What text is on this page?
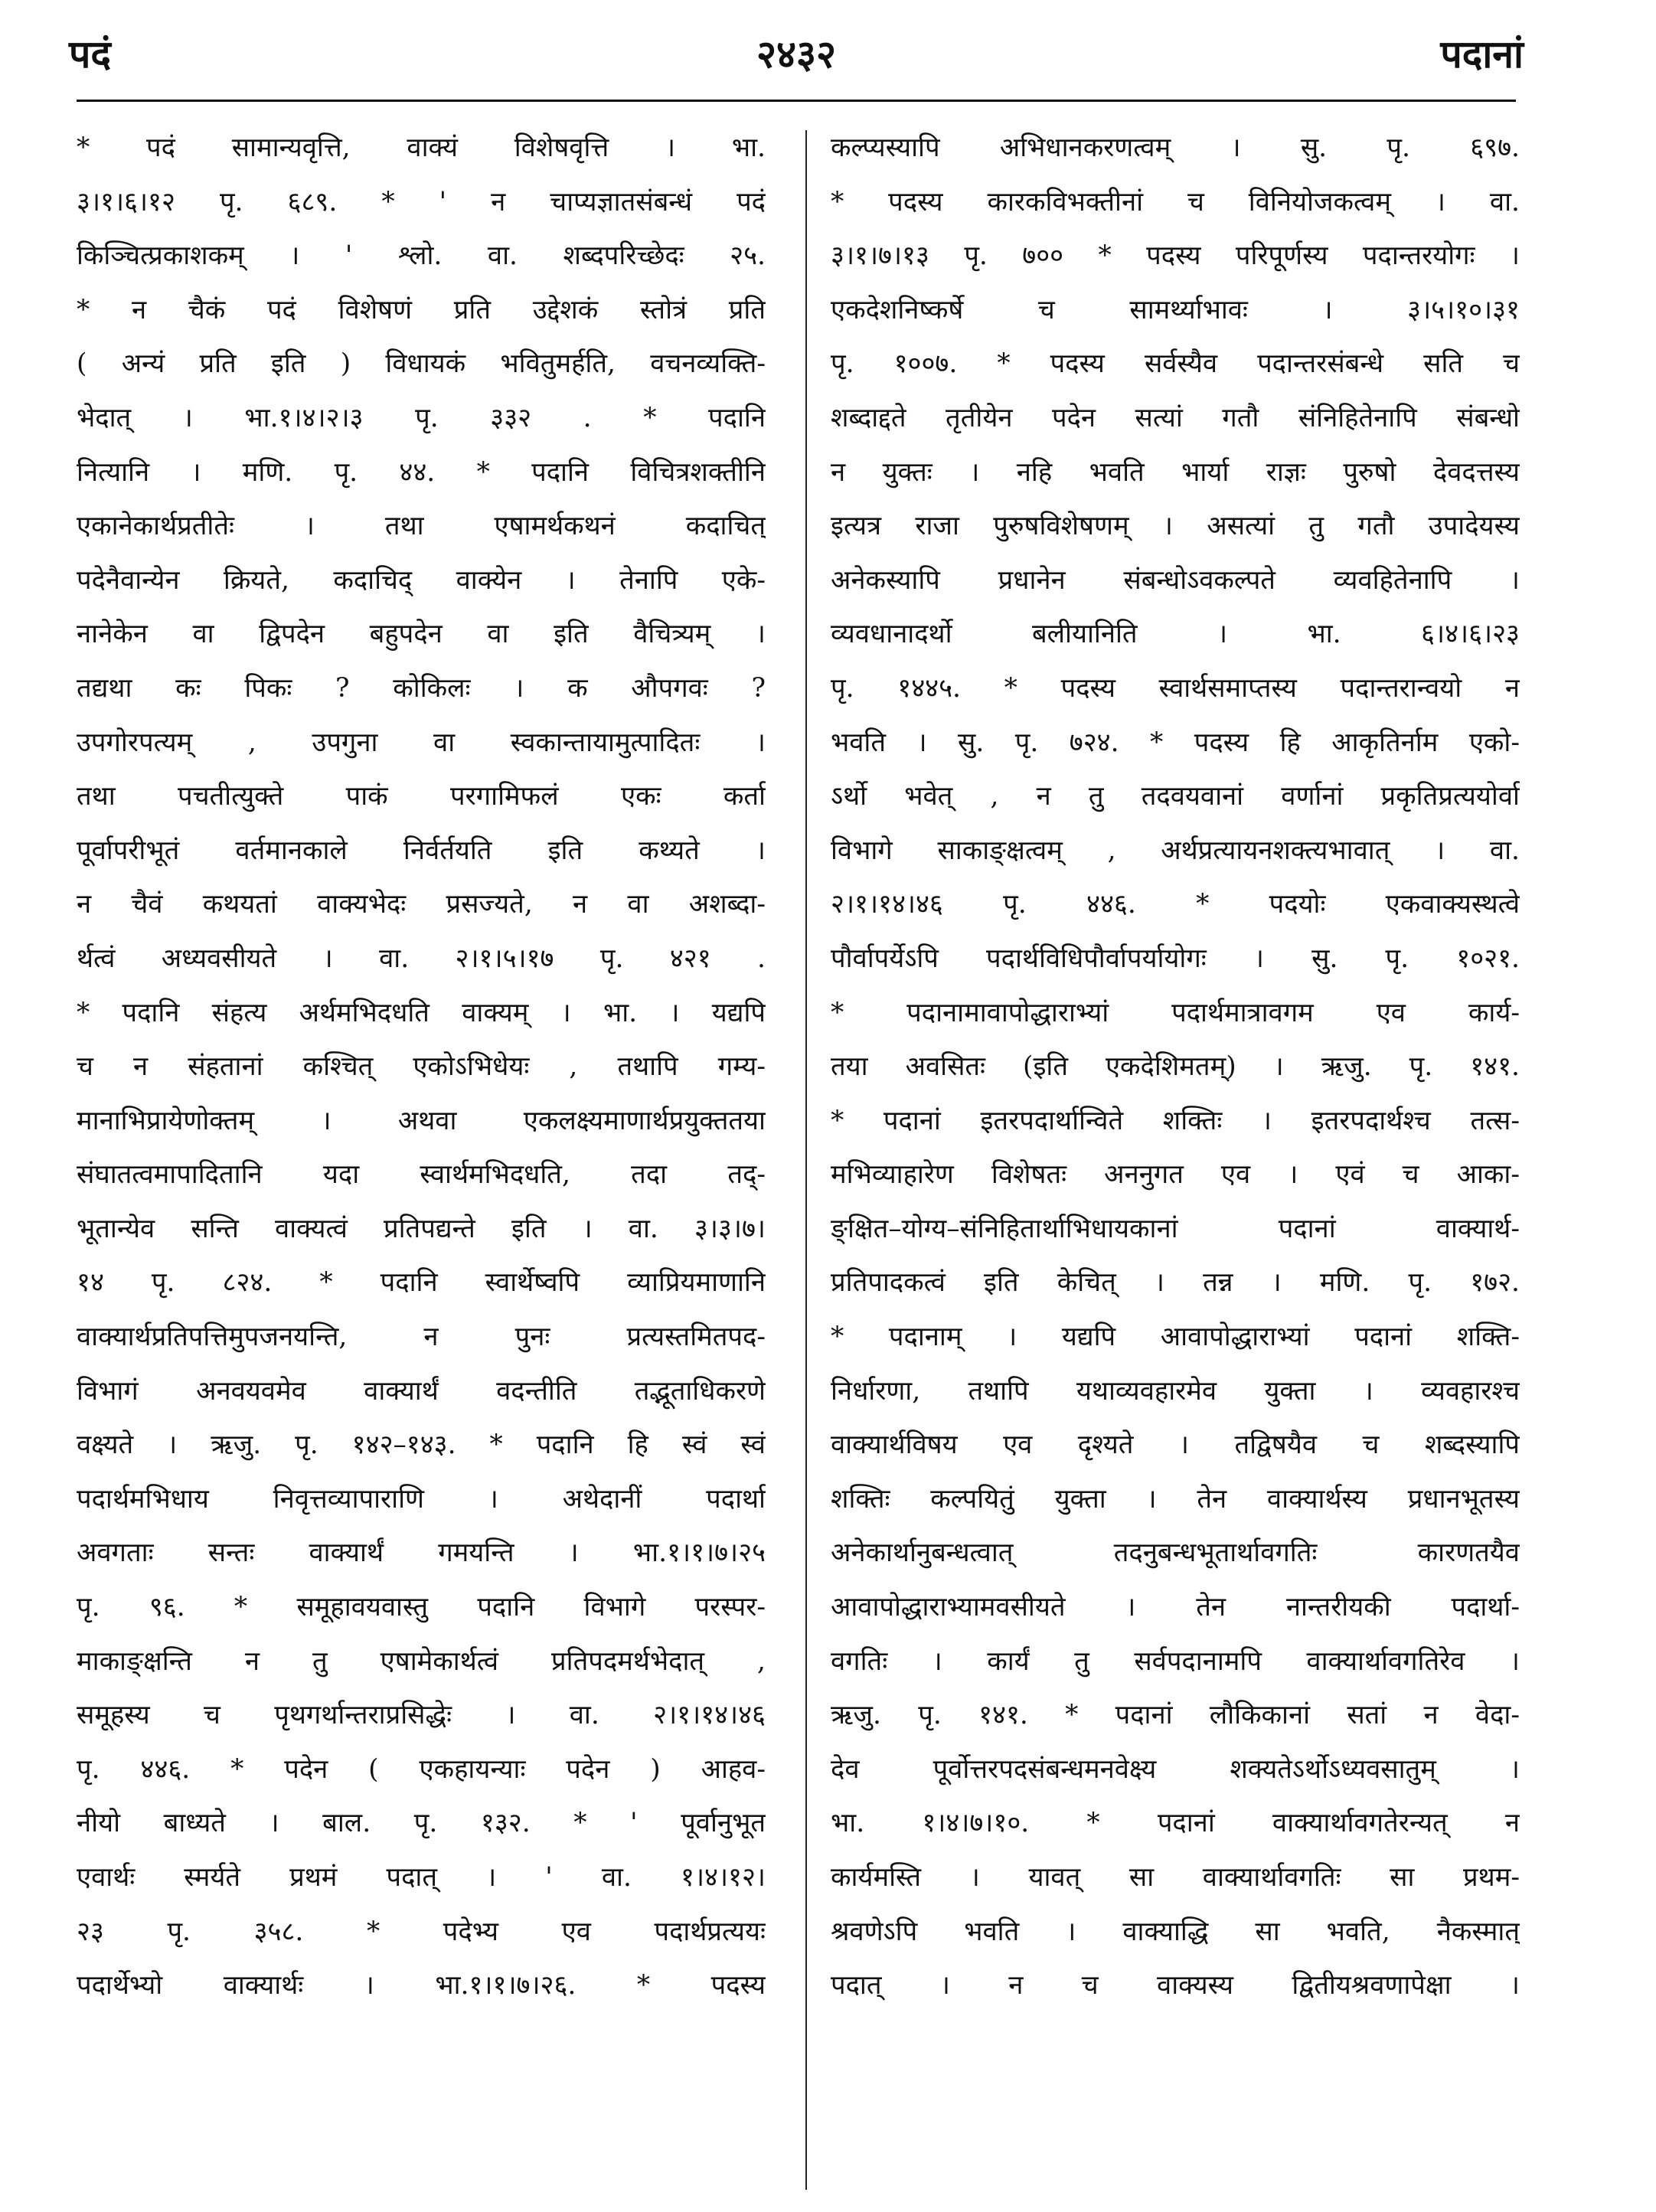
२४३२
पदं	पदानां
* पदं सामान्यवृत्ति, वाक्यं विशेषवृत्ति । भा.
३।१।६।१२ पृ. ६८९. * ' न चाप्यज्ञातसंबन्धं पदं
किञ्चित्प्रकाशकम् । ' श्लो. वा. शब्दपरिच्छेदः २५.
* न चैकं पदं विशेषणं प्रति उद्देशकं स्तोत्रं प्रति
( अन्यं प्रति इति ) विधायकं भवितुमर्हति, वचनव्यक्ति-
भेदात् । भा.१।४।२।३ पृ. ३३२ . * पदानि
नित्यानि । मणि. पृ. ४४. * पदानि विचित्रशक्तीनि
एकानेकार्थप्रतीतेः । तथा एषामर्थकथनं कदाचित्
पदेनैवान्येन क्रियते, कदाचिद् वाक्येन । तेनापि एके-
नानेकेन वा द्विपदेन बहुपदेन वा इति वैचित्र्यम् ।
तद्यथा कः पिकः ? कोकिलः । क औपगवः ?
उपगोरपत्यम् , उपगुना वा स्वकान्तायामुत्पादितः ।
तथा पचतीत्युक्ते पाकं परगामिफलं एकः कर्ता
पूर्वापरीभूतं वर्तमानकाले निर्वर्तयति इति कथ्यते ।
न चैवं कथयतां वाक्यभेदः प्रसज्यते, न वा अशब्दा-
र्थत्वं अध्यवसीयते । वा. २।१।५।१७ पृ. ४२१ .
* पदानि संहत्य अर्थमभिदधति वाक्यम् । भा. । यद्यपि
च न संहतानां कश्चित् एकोऽभिधेयः , तथापि गम्य-
मानाभिप्रायेणोक्तम् । अथवा एकलक्ष्यमाणार्थप्रयुक्ततया
संघातत्वमापादितानि यदा स्वार्थमभिदधति, तदा तद्-
भूतान्येव सन्ति वाक्यत्वं प्रतिपद्यन्ते इति । वा. ३।३।७।
१४ पृ. ८२४. * पदानि स्वार्थेष्वपि व्याप्रियमाणानि
वाक्यार्थप्रतिपत्तिमुपजनयन्ति, न पुनः प्रत्यस्तमितपद-
विभागं अनवयवमेव वाक्यार्थं वदन्तीति तद्भूताधिकरणे
वक्ष्यते । ऋजु. पृ. १४२–१४३. * पदानि हि स्वं स्वं
पदार्थमभिधाय निवृत्तव्यापाराणि । अथेदानीं पदार्था
अवगताः सन्तः वाक्यार्थं गमयन्ति । भा.१।१।७।२५
पृ. ९६. * समूहावयवास्तु पदानि विभागे परस्पर-
माकाङ्क्षन्ति न तु एषामेकार्थत्वं प्रतिपदमर्थभेदात् ,
समूहस्य च पृथगर्थान्तराप्रसिद्धेः । वा. २।१।१४।४६
पृ. ४४६. * पदेन ( एकहायन्याः पदेन ) आहव-
नीयो बाध्यते । बाल. पृ. १३२. * ' पूर्वानुभूत
एवार्थः स्मर्यते प्रथमं पदात् । ' वा. १।४।१२।
२३ पृ. ३५८. * पदेभ्य एव पदार्थप्रत्ययः
पदार्थेभ्यो वाक्यार्थः । भा.१।१।७।२६. * पदस्य
कल्प्यस्यापि अभिधानकरणत्वम् । सु. पृ. ६९७.
* पदस्य कारकविभक्तीनां च विनियोजकत्वम् । वा.
३।१।७।१३ पृ. ७०० * पदस्य परिपूर्णस्य पदान्तरयोगः ।
एकदेशनिष्कर्षे च सामर्थ्याभावः । ३।५।१०।३१
पृ. १००७. * पदस्य सर्वस्यैव पदान्तरसंबन्धे सति च
शब्दाद्दते तृतीयेन पदेन सत्यां गतौ संनिहितेनापि संबन्धो
न युक्तः । नहि भवति भार्या राज्ञः पुरुषो देवदत्तस्य
इत्यत्र राजा पुरुषविशेषणम् । असत्यां तु गतौ उपादेयस्य
अनेकस्यापि प्रधानेन संबन्धोऽवकल्पते व्यवहितेनापि ।
व्यवधानादर्थो बलीयानिति । भा. ६।४।६।२३
पृ. १४४५. * पदस्य स्वार्थसमाप्तस्य पदान्तरान्वयो न
भवति । सु. पृ. ७२४. * पदस्य हि आकृतिर्नाम एको-
ऽर्थो भवेत् , न तु तदवयवानां वर्णानां प्रकृतिप्रत्ययोर्वा
विभागे साकाङ्क्षत्वम् , अर्थप्रत्यायनशक्त्यभावात् । वा.
२।१।१४।४६ पृ. ४४६. * पदयोः एकवाक्यस्थत्वे
पौर्वापर्येऽपि पदार्थविधिपौर्वापर्यायोगः । सु. पृ. १०२१.
* पदानामावापोद्धाराभ्यां पदार्थमात्रावगम एव कार्य-
तया अवसितः (इति एकदेशिमतम्) । ऋजु. पृ. १४१.
* पदानां इतरपदार्थान्विते शक्तिः । इतरपदार्थश्च तत्स-
मभिव्याहारेण विशेषतः अननुगत एव । एवं च आका-
ङ्क्षित–योग्य–संनिहितार्थाभिधायकानां पदानां वाक्यार्थ-
प्रतिपादकत्वं इति केचित् । तन्न । मणि. पृ. १७२.
* पदानाम् । यद्यपि आवापोद्धाराभ्यां पदानां शक्ति-
निर्धारणा, तथापि यथाव्यवहारमेव युक्ता । व्यवहारश्च
वाक्यार्थविषय एव दृश्यते । तद्विषयैव च शब्दस्यापि
शक्तिः कल्पयितुं युक्ता । तेन वाक्यार्थस्य प्रधानभूतस्य
अनेकार्थानुबन्धत्वात् तदनुबन्धभूतार्थावगतिः कारणतयैव
आवापोद्धाराभ्यामवसीयते । तेन नान्तरीयकी पदार्था-
वगतिः । कार्यं तु सर्वपदानामपि वाक्यार्थावगतिरेव ।
ऋजु. पृ. १४१. * पदानां लौकिकानां सतां न वेदा-
देव पूर्वोत्तरपदसंबन्धमनवेक्ष्य शक्यतेऽर्थोऽध्यवसातुम् ।
भा. १।४।७।१०. * पदानां वाक्यार्थावगतेरन्यत् न
कार्यमस्ति । यावत् सा वाक्यार्थावगतिः सा प्रथम-
श्रवणेऽपि भवति । वाक्याद्धि सा भवति, नैकस्मात्
पदात् । न च वाक्यस्य द्वितीयश्रवणापेक्षा ।
